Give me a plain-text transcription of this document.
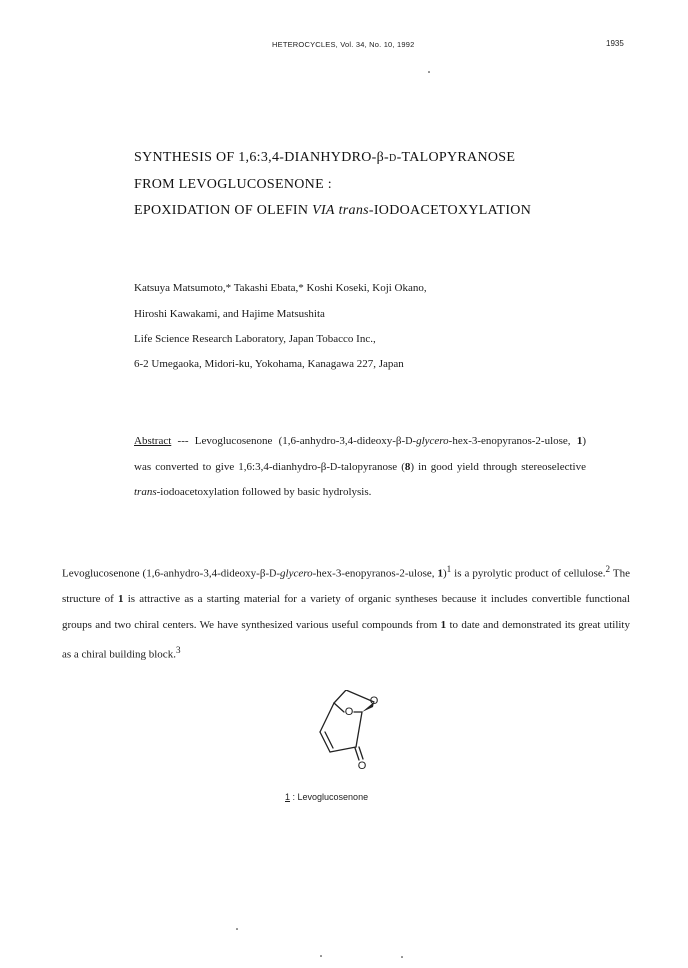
HETEROCYCLES, Vol. 34, No. 10, 1992	1935
SYNTHESIS OF 1,6:3,4-DIANHYDRO-β-D-TALOPYRANOSE
FROM LEVOGLUCOSENONE :
EPOXIDATION OF OLEFIN VIA trans-IODOACETOXYLATION
Katsuya Matsumoto,* Takashi Ebata,* Koshi Koseki, Koji Okano,
Hiroshi Kawakami, and Hajime Matsushita
Life Science Research Laboratory, Japan Tobacco Inc.,
6-2 Umegaoka, Midori-ku, Yokohama, Kanagawa 227, Japan
Abstract --- Levoglucosenone (1,6-anhydro-3,4-dideoxy-β-D-glycero-hex-3-enopyranos-2-ulose, 1) was converted to give 1,6:3,4-dianhydro-β-D-talopyranose (8) in good yield through stereoselective trans-iodoacetoxylation followed by basic hydrolysis.
Levoglucosenone (1,6-anhydro-3,4-dideoxy-β-D-glycero-hex-3-enopyranos-2-ulose, 1)$^1$ is a pyrolytic product of cellulose.$^2$ The structure of 1 is attractive as a starting material for a variety of organic syntheses because it includes convertible functional groups and two chiral centers. We have synthesized various useful compounds from 1 to date and demonstrated its great utility as a chiral building block.$^3$
O
O
O
1 : Levoglucosenone
